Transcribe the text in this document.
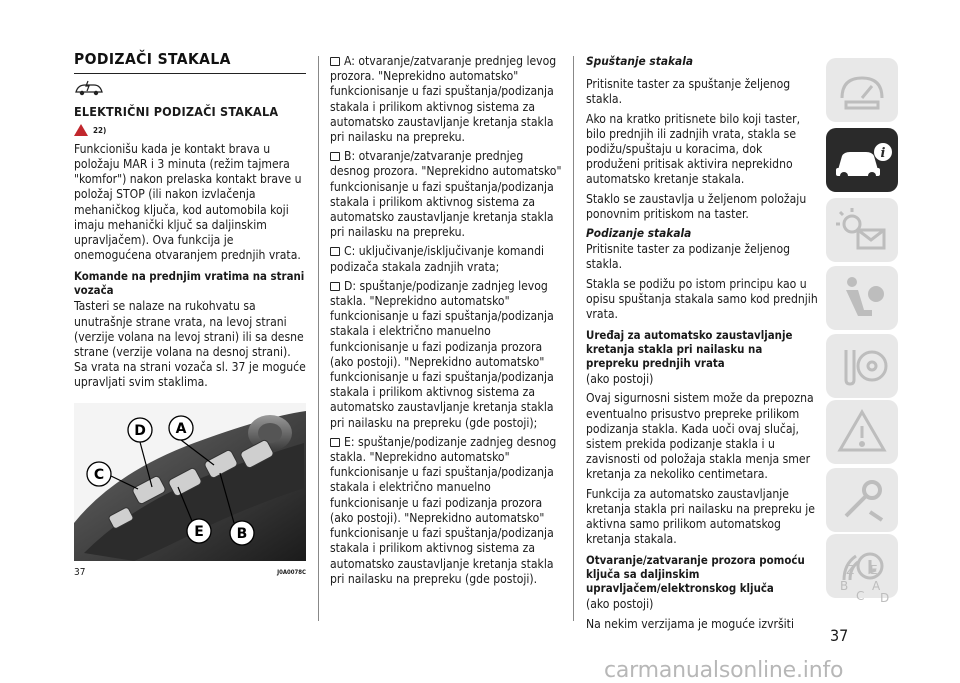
PODIZAČI STAKALA
ELEKTRIČNI PODIZAČI STAKALA
22)

Funkcionišu kada je kontakt brava u položaju MAR i 3 minuta (režim tajmera "komfor") nakon prelaska kontakt brave u položaj STOP (ili nakon izvlačenja mehaničkog ključa, kod automobila koji imaju mehanički ključ sa daljinskim upravljačem). Ova funkcija je onemogućena otvaranjem prednjih vrata.

Komande na prednjim vratima na strani vozača

Tasteri se nalaze na rukohvatu sa unutrašnje strane vrata, na levoj strani (verzije volana na levoj strani) ili sa desne strane (verzije volana na desnoj strani). Sa vrata na strani vozača sl. 37 je moguće upravljati svim staklima.

D A
C
E B
37	J0A0078C

A: otvaranje/zatvaranje prednjeg levog prozora. "Neprekidno automatsko" funkcionisanje u fazi spuštanja/podizanja stakala i prilikom aktivnog sistema za automatsko zaustavljanje kretanja stakla pri nailasku na prepreku.

B: otvaranje/zatvaranje prednjeg desnog prozora. "Neprekidno automatsko" funkcionisanje u fazi spuštanja/podizanja stakala i prilikom aktivnog sistema za automatsko zaustavljanje kretanja stakla pri nailasku na prepreku.

C: uključivanje/isključivanje komandi podizača stakala zadnjih vrata;

D: spuštanje/podizanje zadnjeg levog stakla. "Neprekidno automatsko" funkcionisanje u fazi spuštanja/podizanja stakala i električno manuelno funkcionisanje u fazi podizanja prozora (ako postoji). "Neprekidno automatsko" funkcionisanje u fazi spuštanja/podizanja stakala i prilikom aktivnog sistema za automatsko zaustavljanje kretanja stakla pri nailasku na prepreku (gde postoji);

E: spuštanje/podizanje zadnjeg desnog stakla. "Neprekidno automatsko" funkcionisanje u fazi spuštanja/podizanja stakala i električno manuelno funkcionisanje u fazi podizanja prozora (ako postoji). "Neprekidno automatsko" funkcionisanje u fazi spuštanja/podizanja stakala i prilikom aktivnog sistema za automatsko zaustavljanje kretanja stakla pri nailasku na prepreku (gde postoji).

Spuštanje stakala

Pritisnite taster za spuštanje željenog stakla.

Ako na kratko pritisnete bilo koji taster, bilo prednjih ili zadnjih vrata, stakla se podižu/spuštaju u koracima, dok produženi pritisak aktivira neprekidno automatsko kretanje stakala.

Staklo se zaustavlja u željenom položaju ponovnim pritiskom na taster.

Podizanje stakala

Pritisnite taster za podizanje željenog stakla.

Stakla se podižu po istom principu kao u opisu spuštanja stakala samo kod prednjih vrata.

Uređaj za automatsko zaustavljanje kretanja stakla pri nailasku na prepreku prednjih vrata

(ako postoji)

Ovaj sigurnosni sistem može da prepozna eventualno prisustvo prepreke prilikom podizanja stakla. Kada uoči ovaj slučaj, sistem prekida podizanje stakla i u zavisnosti od položaja stakla menja smer kretanja za nekoliko centimetara.

Funkcija za automatsko zaustavljanje kretanja stakla pri nailasku na prepreku je aktivna samo prilikom automatskog kretanja stakala.

Otvaranje/zatvaranje prozora pomoću ključa sa daljinskim upravljačem/elektronskog ključa

(ako postoji)

Na nekim verzijama je moguće izvršiti

i
Z E
B
C
A
D
37
carmanualsonline.info
